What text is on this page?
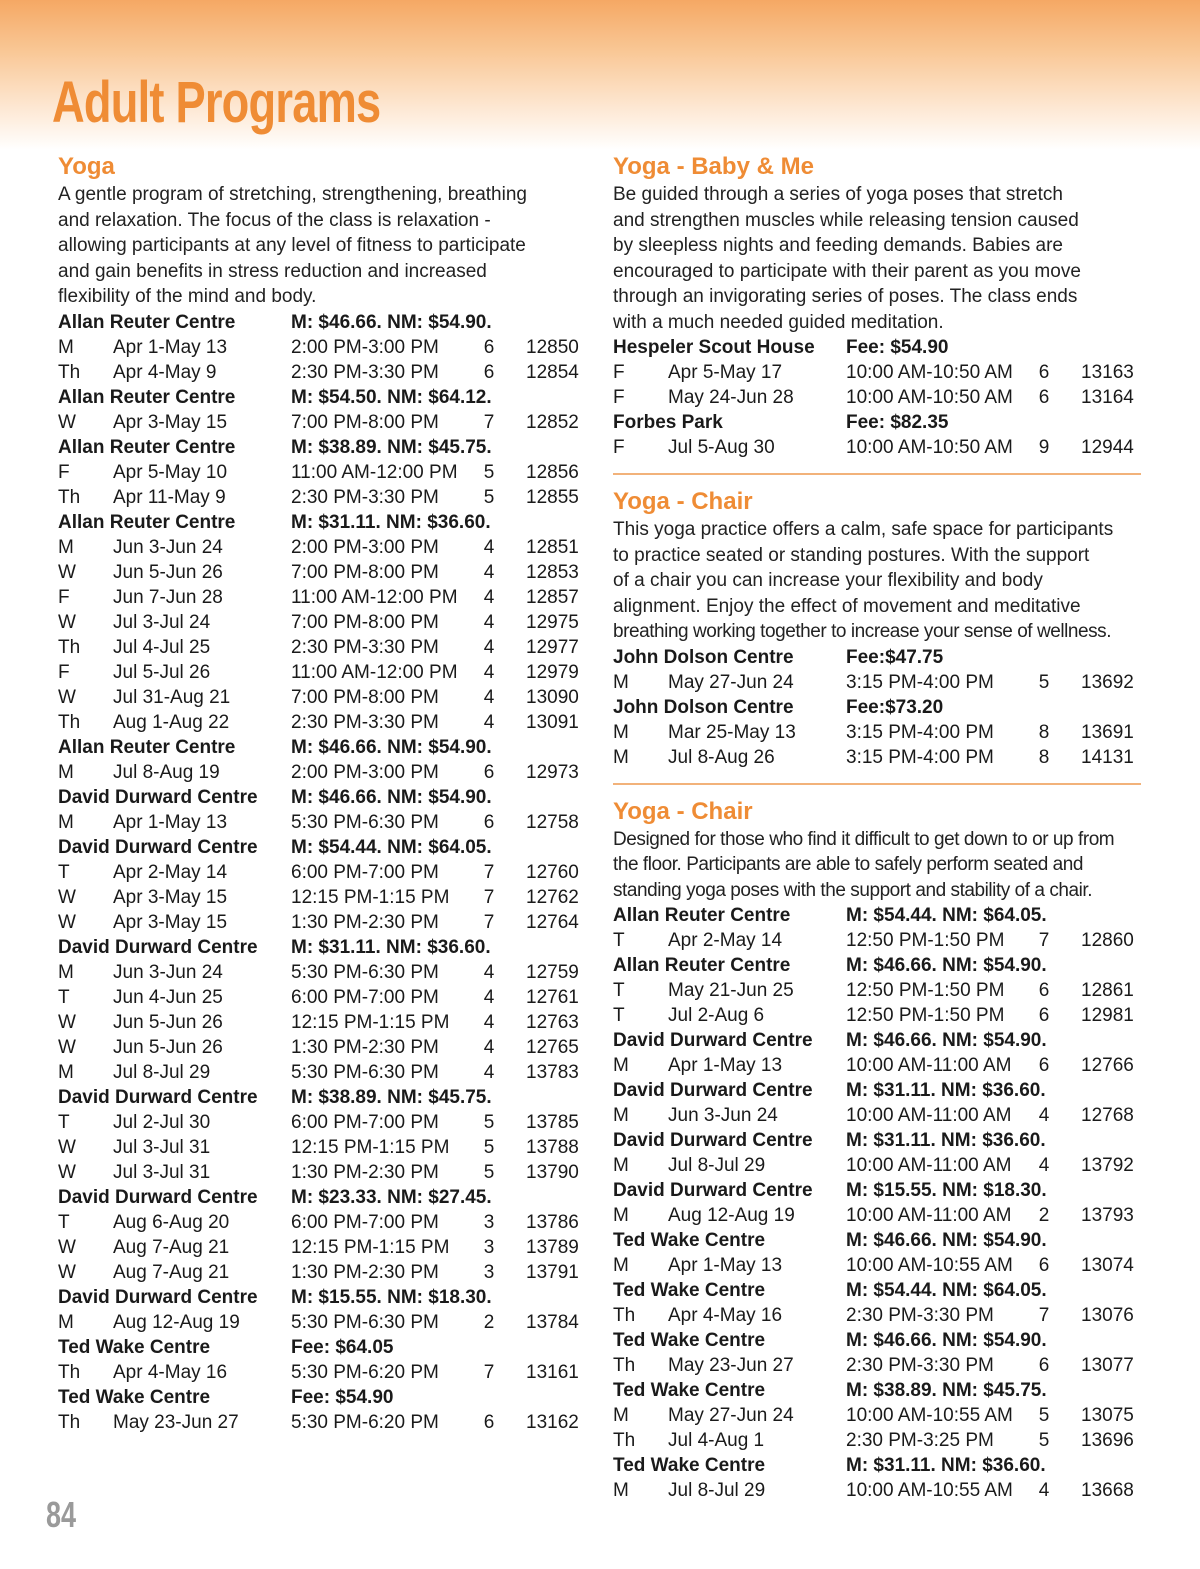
Adult Programs
Yoga
A gentle program of stretching, strengthening, breathing
and relaxation. The focus of the class is relaxation -
allowing participants at any level of fitness to participate
and gain benefits in stress reduction and increased
flexibility of the mind and body.
Allan Reuter Centre	M: $46.66. NM: $54.90.
M Apr 1-May 13	2:00 PM-3:00 PM 6 12850
Th Apr 4-May 9	2:30 PM-3:30 PM 6 12854
Allan Reuter Centre	M: $54.50. NM: $64.12.
W Apr 3-May 15	7:00 PM-8:00 PM 7 12852
Allan Reuter Centre	M: $38.89. NM: $45.75.
F Apr 5-May 10	11:00 AM-12:00 PM 5 12856
Th Apr 11-May 9	2:30 PM-3:30 PM 5 12855
Allan Reuter Centre	M: $31.11. NM: $36.60.
M Jun 3-Jun 24	2:00 PM-3:00 PM 4 12851
W Jun 5-Jun 26	7:00 PM-8:00 PM 4 12853
F Jun 7-Jun 28	11:00 AM-12:00 PM 4 12857
W Jul 3-Jul 24	7:00 PM-8:00 PM 4 12975
Th Jul 4-Jul 25	2:30 PM-3:30 PM 4 12977
F Jul 5-Jul 26	11:00 AM-12:00 PM 4 12979
W Jul 31-Aug 21	7:00 PM-8:00 PM 4 13090
Th Aug 1-Aug 22	2:30 PM-3:30 PM 4 13091
Allan Reuter Centre	M: $46.66. NM: $54.90.
M Jul 8-Aug 19	2:00 PM-3:00 PM 6 12973
David Durward Centre M: $46.66. NM: $54.90.
M Apr 1-May 13	5:30 PM-6:30 PM 6 12758
David Durward Centre M: $54.44. NM: $64.05.
T Apr 2-May 14	6:00 PM-7:00 PM 7 12760
W Apr 3-May 15	12:15 PM-1:15 PM 7 12762
W Apr 3-May 15	1:30 PM-2:30 PM 7 12764
David Durward Centre M: $31.11. NM: $36.60.
M Jun 3-Jun 24	5:30 PM-6:30 PM 4 12759
T Jun 4-Jun 25	6:00 PM-7:00 PM 4 12761
W Jun 5-Jun 26	12:15 PM-1:15 PM 4 12763
W Jun 5-Jun 26	1:30 PM-2:30 PM 4 12765
M Jul 8-Jul 29	5:30 PM-6:30 PM 4 13783
David Durward Centre M: $38.89. NM: $45.75.
T Jul 2-Jul 30	6:00 PM-7:00 PM 5 13785
W Jul 3-Jul 31	12:15 PM-1:15 PM 5 13788
W Jul 3-Jul 31	1:30 PM-2:30 PM 5 13790
David Durward Centre M: $23.33. NM: $27.45.
T Aug 6-Aug 20	6:00 PM-7:00 PM 3 13786
W Aug 7-Aug 21	12:15 PM-1:15 PM 3 13789
W Aug 7-Aug 21	1:30 PM-2:30 PM 3 13791
David Durward Centre M: $15.55. NM: $18.30.
M Aug 12-Aug 19	5:30 PM-6:30 PM 2 13784
Ted Wake Centre	Fee: $64.05
Th Apr 4-May 16	5:30 PM-6:20 PM 7 13161
Ted Wake Centre	Fee: $54.90
Th May 23-Jun 27	5:30 PM-6:20 PM 6 13162
Yoga - Baby & Me
Be guided through a series of yoga poses that stretch
and strengthen muscles while releasing tension caused
by sleepless nights and feeding demands. Babies are
encouraged to participate with their parent as you move
through an invigorating series of poses. The class ends
with a much needed guided meditation.
Hespeler Scout House Fee: $54.90
F Apr 5-May 17	10:00 AM-10:50 AM 6 13163
F May 24-Jun 28	10:00 AM-10:50 AM 6 13164
Forbes Park	Fee: $82.35
F Jul 5-Aug 30	10:00 AM-10:50 AM 9 12944
Yoga - Chair
This yoga practice offers a calm, safe space for participants
to practice seated or standing postures. With the support
of a chair you can increase your flexibility and body
alignment. Enjoy the effect of movement and meditative
breathing working together to increase your sense of wellness.
John Dolson Centre	Fee:$47.75
M May 27-Jun 24	3:15 PM-4:00 PM 5 13692
John Dolson Centre	Fee:$73.20
M Mar 25-May 13	3:15 PM-4:00 PM 8 13691
M Jul 8-Aug 26	3:15 PM-4:00 PM 8 14131
Yoga - Chair
Designed for those who find it difficult to get down to or up from
the floor. Participants are able to safely perform seated and
standing yoga poses with the support and stability of a chair.
Allan Reuter Centre	M: $54.44. NM: $64.05.
T Apr 2-May 14	12:50 PM-1:50 PM 7 12860
Allan Reuter Centre	M: $46.66. NM: $54.90.
T May 21-Jun 25	12:50 PM-1:50 PM 6 12861
T Jul 2-Aug 6	12:50 PM-1:50 PM 6 12981
David Durward Centre M: $46.66. NM: $54.90.
M Apr 1-May 13	10:00 AM-11:00 AM 6 12766
David Durward Centre M: $31.11. NM: $36.60.
M Jun 3-Jun 24	10:00 AM-11:00 AM 4 12768
David Durward Centre M: $31.11. NM: $36.60.
M Jul 8-Jul 29	10:00 AM-11:00 AM 4 13792
David Durward Centre M: $15.55. NM: $18.30.
M Aug 12-Aug 19	10:00 AM-11:00 AM 2 13793
Ted Wake Centre	M: $46.66. NM: $54.90.
M Apr 1-May 13	10:00 AM-10:55 AM 6 13074
Ted Wake Centre	M: $54.44. NM: $64.05.
Th Apr 4-May 16	2:30 PM-3:30 PM 7 13076
Ted Wake Centre	M: $46.66. NM: $54.90.
Th May 23-Jun 27	2:30 PM-3:30 PM 6 13077
Ted Wake Centre	M: $38.89. NM: $45.75.
M May 27-Jun 24	10:00 AM-10:55 AM 5 13075
Th Jul 4-Aug 1	2:30 PM-3:25 PM 5 13696
Ted Wake Centre	M: $31.11. NM: $36.60.
M Jul 8-Jul 29	10:00 AM-10:55 AM 4 13668
84
